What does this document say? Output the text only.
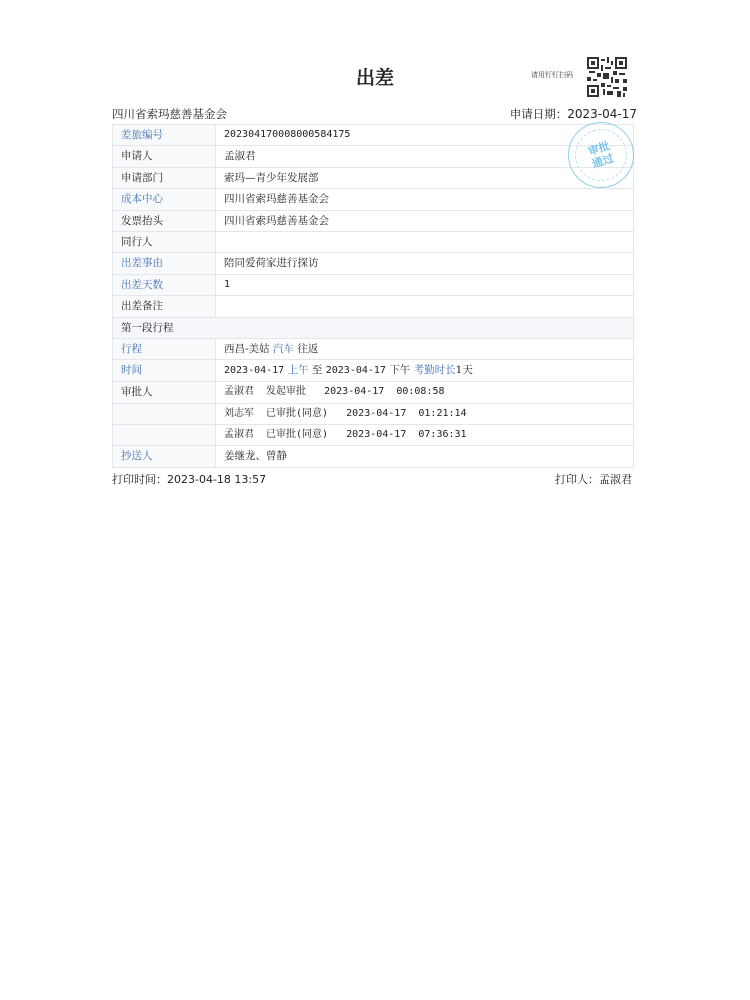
出差	请用钉钉扫码
四川省索玛慈善基金会	申请日期：2023-04-17
差旅编号	202304170008000584175
申请人	孟淑君
申请部门	索玛—青少年发展部
成本中心	四川省索玛慈善基金会
发票抬头	四川省索玛慈善基金会
同行人	
出差事由	陪同爱荷家进行探访
出差天数	1
出差备注	
第一段行程	
行程	西昌-美姑 汽车 往返
时间	2023-04-17 上午 至 2023-04-17 下午 考勤时长1天
审批人	孟淑君  发起审批   2023-04-17  00:08:58
	刘志军  已审批(同意)   2023-04-17  01:21:14
	孟淑君  已审批(同意)   2023-04-17  07:36:31
抄送人	姜继龙、曾静
审批
通过
打印时间：2023-04-18 13:57	打印人：孟淑君
